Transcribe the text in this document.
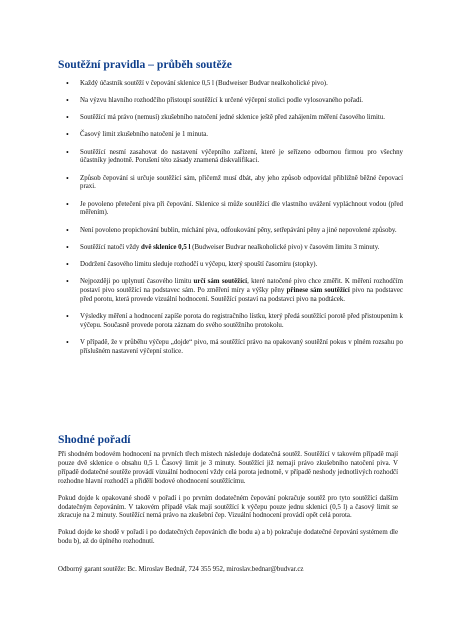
Soutěžní pravidla – průběh soutěže
• Každý účastník soutěží v čepování sklenice 0,5 l (Budweiser Budvar nealkoholické pivo).
• Na výzvu hlavního rozhodčího přistoupí soutěžící k určené výčepní stolici podle vylosovaného pořadí.
• Soutěžící má právo (nemusí) zkušebního natočení jedné sklenice ještě před zahájením měření časového limitu.
• Časový limit zkušebního natočení je 1 minuta.
• Soutěžící nesmí zasahovat do nastavení výčepního zařízení, které je seřízeno odbornou firmou pro všechny účastníky jednotně. Porušení této zásady znamená diskvalifikaci.
• Způsob čepování si určuje soutěžící sám, přičemž musí dbát, aby jeho způsob odpovídal přibližně běžné čepovací praxi.
• Je povoleno přetečení piva při čepování. Sklenice si může soutěžící dle vlastního uvážení vypláchnout vodou (před měřením).
• Není povoleno propichování bublin, míchání piva, odfoukování pěny, setřepávání pěny a jiné nepovolené způsoby.
• Soutěžící natočí vždy dvě sklenice 0,5 l (Budweiser Budvar nealkoholické pivo) v časovém limitu 3 minuty.
• Dodržení časového limitu sleduje rozhodčí u výčepu, který spouští časomíru (stopky).
• Nejpozději po uplynutí časového limitu určí sám soutěžící, které natočené pivo chce změřit. K měření rozhodčím postaví pivo soutěžící na podstavec sám. Po změření míry a výšky pěny přinese sám soutěžící pivo na podstavec před porotu, která provede vizuální hodnocení. Soutěžící postaví na podstavci pivo na podtácek.
• Výsledky měření a hodnocení zapíše porota do registračního lístku, který předá soutěžící porotě před přistoupením k výčepu. Současně provede porota záznam do svého soutěžního protokolu.
• V případě, že v průběhu výčepu „dojde“ pivo, má soutěžící právo na opakovaný soutěžní pokus v plném rozsahu po příslušném nastavení výčepní stolice.
Shodné pořadí

Při shodném bodovém hodnocení na prvních třech místech následuje dodatečná soutěž. Soutěžící v takovém případě mají pouze dvě sklenice o obsahu 0,5 l. Časový limit je 3 minuty. Soutěžící již nemají právo zkušebního natočení piva. V případě dodatečné soutěže provádí vizuální hodnocení vždy celá porota jednotně, v případě neshody jednotlivých rozhodčí rozhodne hlavní rozhodčí a přidělí bodové ohodnocení soutěžícímu.

Pokud dojde k opakované shodě v pořadí i po prvním dodatečném čepování pokračuje soutěž pro tyto soutěžící dalším dodatečným čepováním. V takovém případě však mají soutěžící k výčepu pouze jednu sklenici (0,5 l) a časový limit se zkracuje na 2 minuty. Soutěžící nemá právo na zkušební čep. Vizuální hodnocení provádí opět celá porota.

Pokud dojde ke shodě v pořadí i po dodatečných čepováních dle bodu a) a b) pokračuje dodatečné čepování systémem dle bodu b), až do úplného rozhodnutí.

Odborný garant soutěže: Bc. Miroslav Bednář, 724 355 952, miroslav.bednar@budvar.cz
